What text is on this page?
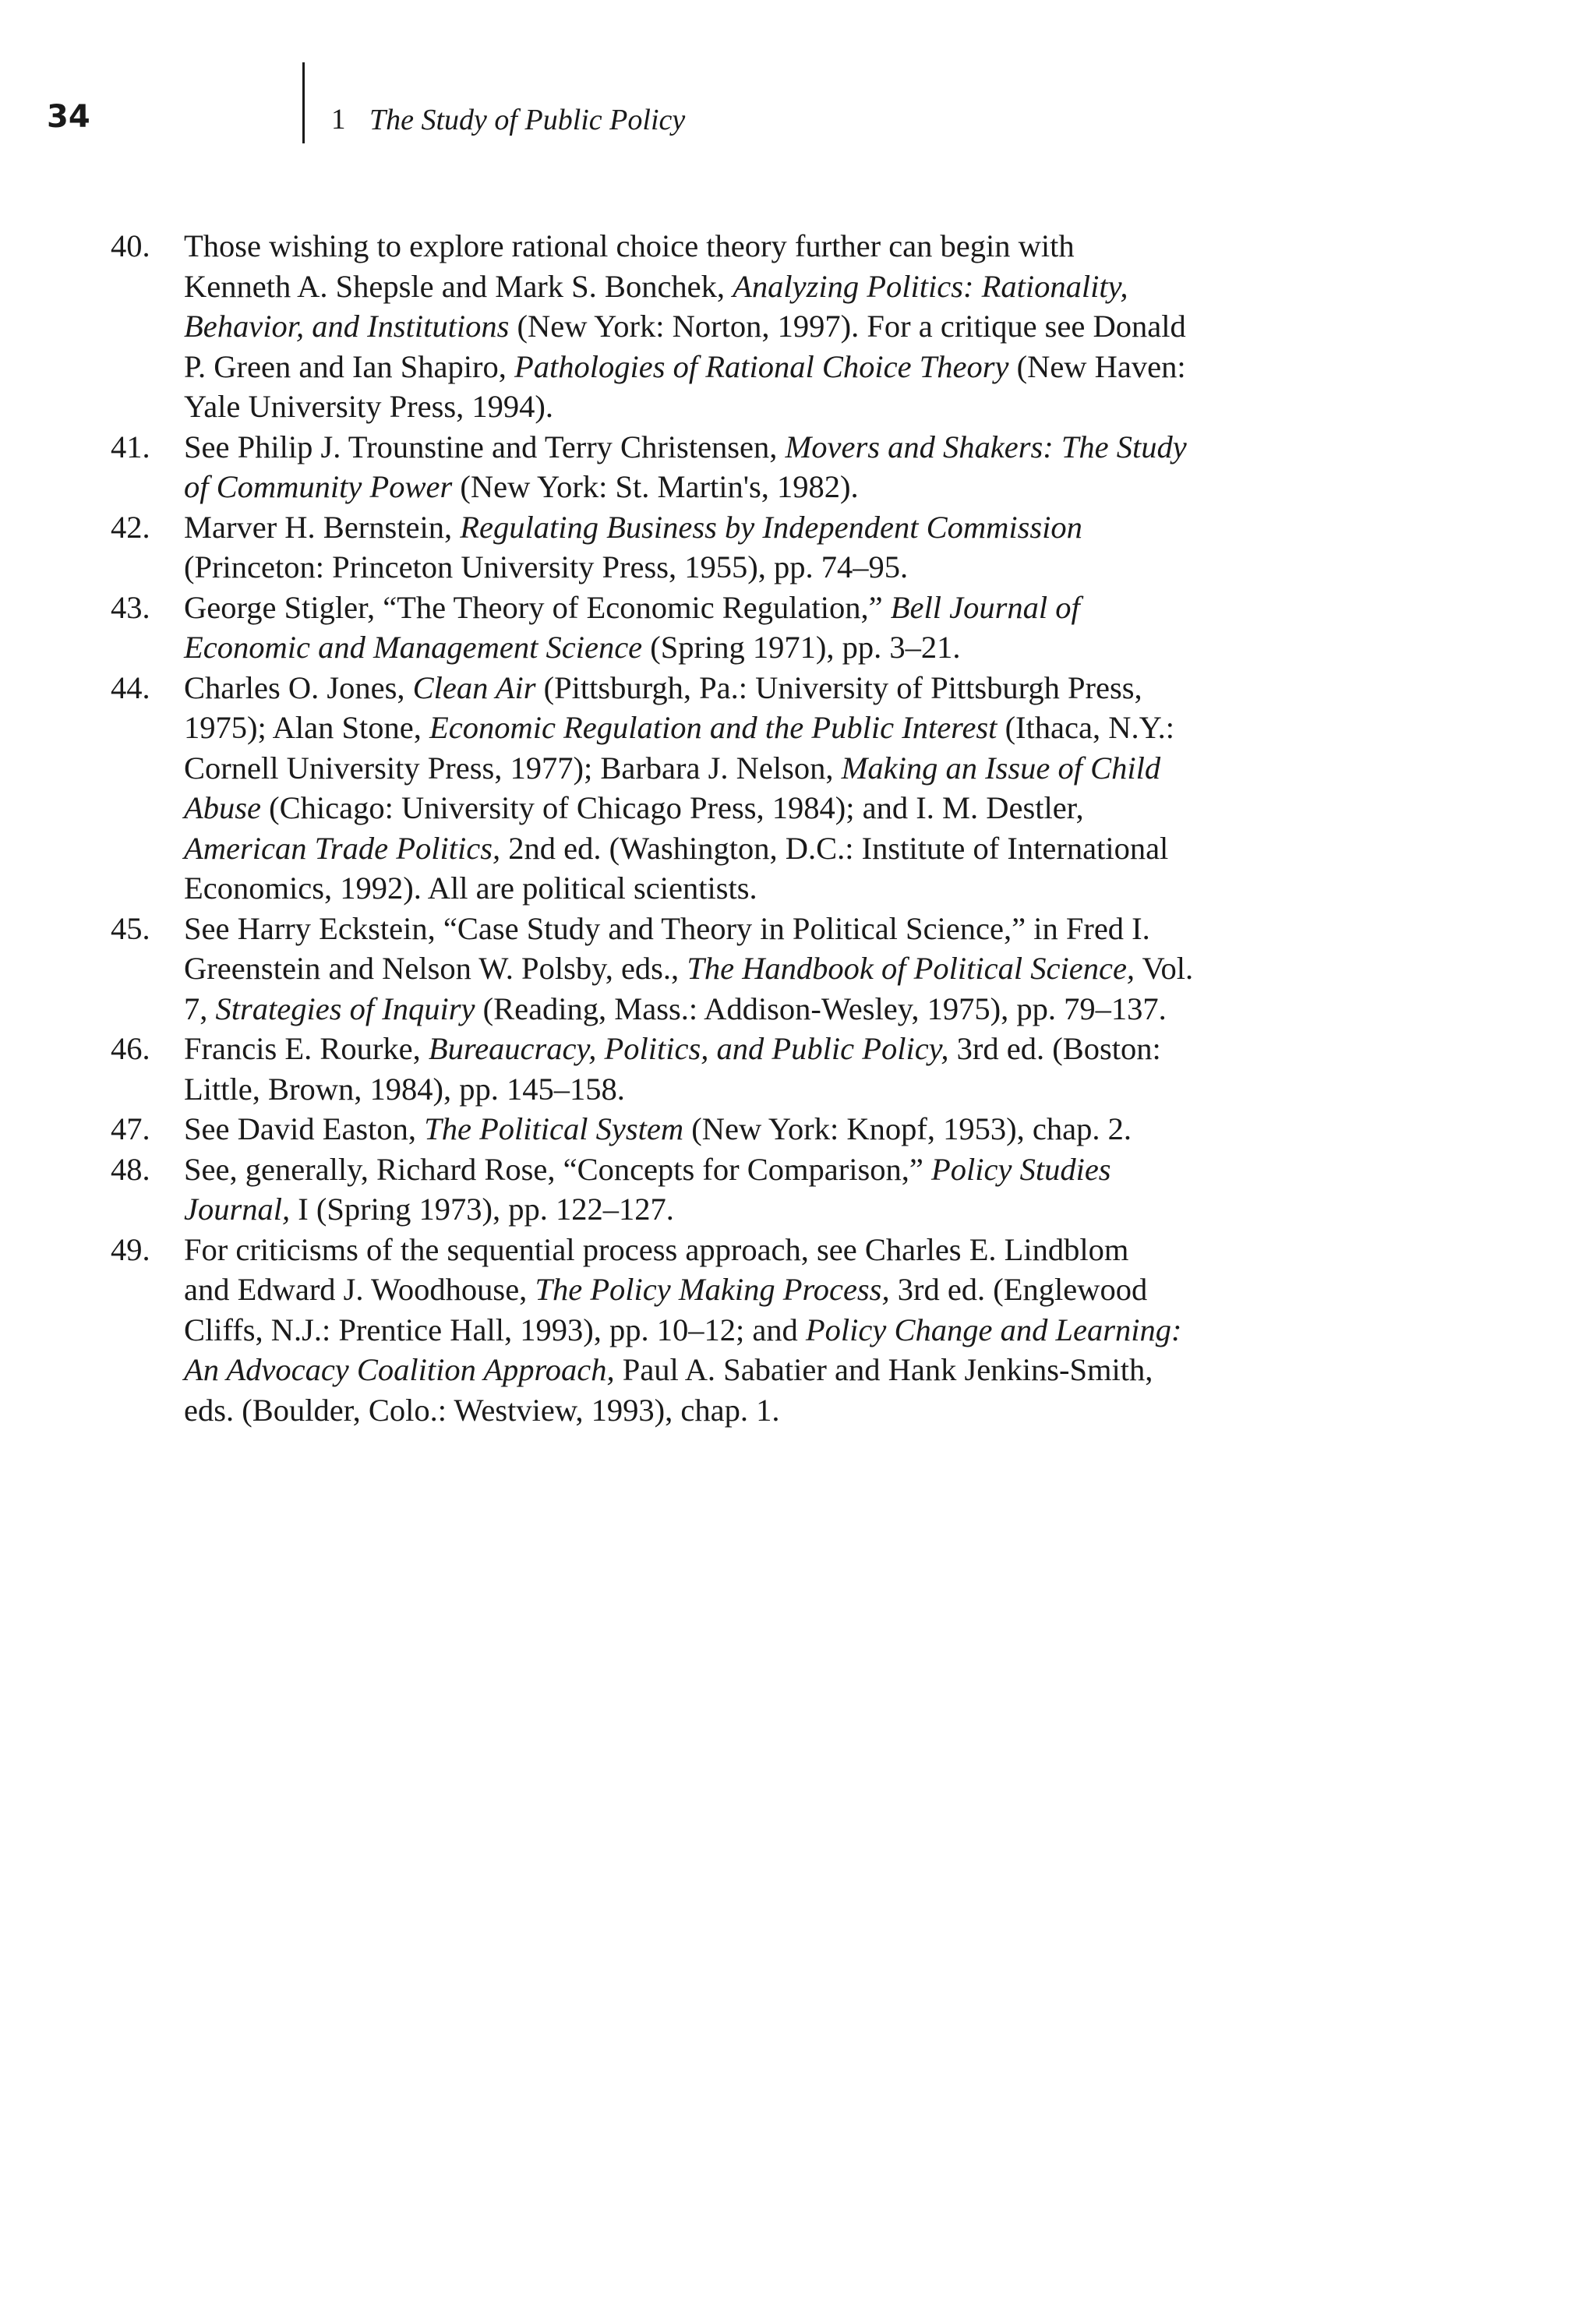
34	1 The Study of Public Policy
40.	Those wishing to explore rational choice theory further can begin with
Kenneth A. Shepsle and Mark S. Bonchek, Analyzing Politics: Rationality,
Behavior, and Institutions (New York: Norton, 1997). For a critique see Donald
P. Green and Ian Shapiro, Pathologies of Rational Choice Theory (New Haven:
Yale University Press, 1994).
41.	See Philip J. Trounstine and Terry Christensen, Movers and Shakers: The Study
of Community Power (New York: St. Martin's, 1982).
42.	Marver H. Bernstein, Regulating Business by Independent Commission
(Princeton: Princeton University Press, 1955), pp. 74–95.
43.	George Stigler, “The Theory of Economic Regulation,” Bell Journal of
Economic and Management Science (Spring 1971), pp. 3–21.
44.	Charles O. Jones, Clean Air (Pittsburgh, Pa.: University of Pittsburgh Press,
1975); Alan Stone, Economic Regulation and the Public Interest (Ithaca, N.Y.:
Cornell University Press, 1977); Barbara J. Nelson, Making an Issue of Child
Abuse (Chicago: University of Chicago Press, 1984); and I. M. Destler,
American Trade Politics, 2nd ed. (Washington, D.C.: Institute of International
Economics, 1992). All are political scientists.
45.	See Harry Eckstein, “Case Study and Theory in Political Science,” in Fred I.
Greenstein and Nelson W. Polsby, eds., The Handbook of Political Science, Vol.
7, Strategies of Inquiry (Reading, Mass.: Addison-Wesley, 1975), pp. 79–137.
46.	Francis E. Rourke, Bureaucracy, Politics, and Public Policy, 3rd ed. (Boston:
Little, Brown, 1984), pp. 145–158.
47.	See David Easton, The Political System (New York: Knopf, 1953), chap. 2.
48.	See, generally, Richard Rose, “Concepts for Comparison,” Policy Studies
Journal, I (Spring 1973), pp. 122–127.
49.	For criticisms of the sequential process approach, see Charles E. Lindblom
and Edward J. Woodhouse, The Policy Making Process, 3rd ed. (Englewood
Cliffs, N.J.: Prentice Hall, 1993), pp. 10–12; and Policy Change and Learning:
An Advocacy Coalition Approach, Paul A. Sabatier and Hank Jenkins-Smith,
eds. (Boulder, Colo.: Westview, 1993), chap. 1.
